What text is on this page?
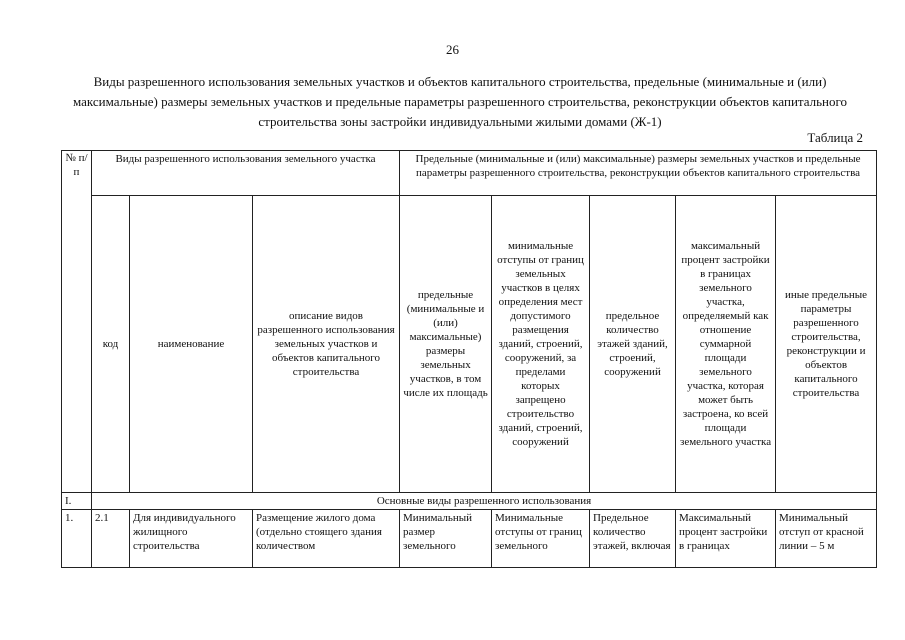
26
Виды разрешенного использования земельных участков и объектов капитального строительства, предельные (минимальные и (или) максимальные) размеры земельных участков и предельные параметры разрешенного строительства, реконструкции объектов капитального строительства зоны застройки индивидуальными жилыми домами (Ж-1)
Таблица 2
№ п/п	Виды разрешенного использования земельного участка			Предельные (минимальные и (или) максимальные) размеры земельных участков и предельные параметры разрешенного строительства, реконструкции объектов капитального строительства				
	код	наименование	описание видов разрешенного использования земельных участков и объектов капитального строительства	предельные (минимальные и (или) максимальные) размеры земельных участков, в том числе их площадь	минимальные отступы от границ земельных участков в целях определения мест допустимого размещения зданий, строений, сооружений, за пределами которых запрещено строительство зданий, строений, сооружений	предельное количество этажей зданий, строений, сооружений	максимальный процент застройки в границах земельного участка, определяемый как отношение суммарной площади земельного участка, которая может быть застроена, ко всей площади земельного участка	иные предельные параметры разрешенного строительства, реконструкции и объектов капитального строительства
I.	Основные виды разрешенного использования							
1.	2.1	Для индивидуального жилищного строительства	Размещение жилого дома (отдельно стоящего здания количеством	Минимальный размер земельного	Минимальные отступы от границ земельного	Предельное количество этажей, включая	Максимальный процент застройки в границах	Минимальный отступ от красной линии – 5 м
